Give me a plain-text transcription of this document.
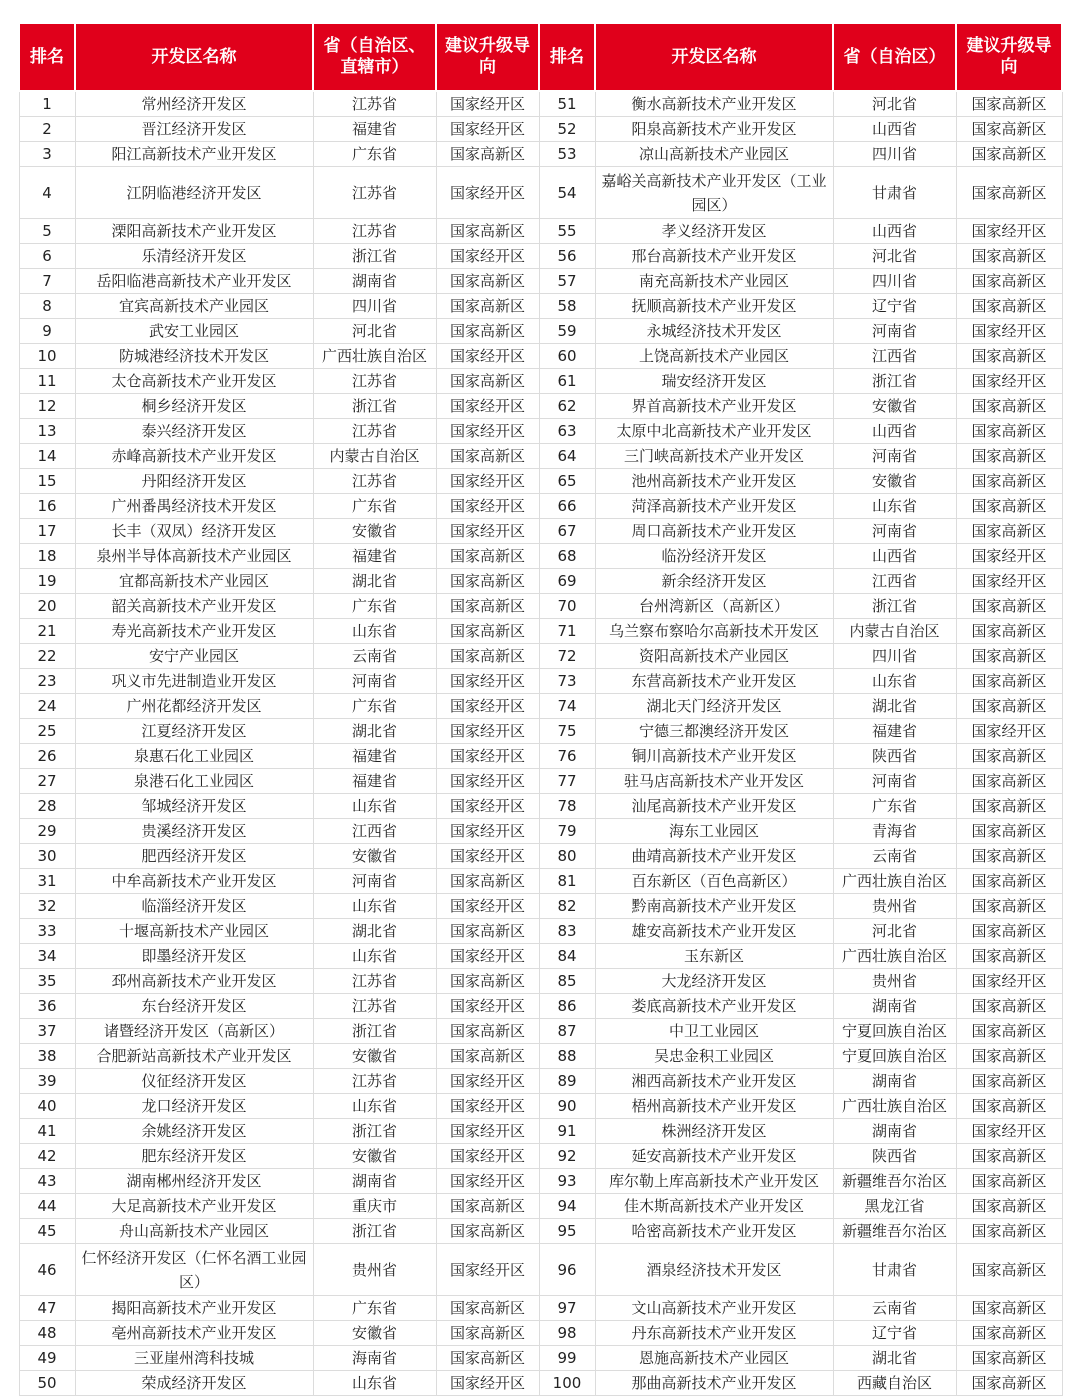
排名	开发区名称	省（自治区、直辖市）	建议升级导向	排名	开发区名称	省（自治区）	建议升级导向
1	常州经济开发区	江苏省	国家经开区	51	衡水高新技术产业开发区	河北省	国家高新区
2	晋江经济开发区	福建省	国家经开区	52	阳泉高新技术产业开发区	山西省	国家高新区
3	阳江高新技术产业开发区	广东省	国家高新区	53	凉山高新技术产业园区	四川省	国家高新区
4	江阴临港经济开发区	江苏省	国家经开区	54	嘉峪关高新技术产业开发区（工业园区）	甘肃省	国家高新区
5	溧阳高新技术产业开发区	江苏省	国家高新区	55	孝义经济开发区	山西省	国家经开区
6	乐清经济开发区	浙江省	国家经开区	56	邢台高新技术产业开发区	河北省	国家高新区
7	岳阳临港高新技术产业开发区	湖南省	国家高新区	57	南充高新技术产业园区	四川省	国家高新区
8	宜宾高新技术产业园区	四川省	国家高新区	58	抚顺高新技术产业开发区	辽宁省	国家高新区
9	武安工业园区	河北省	国家高新区	59	永城经济技术开发区	河南省	国家经开区
10	防城港经济技术开发区	广西壮族自治区	国家经开区	60	上饶高新技术产业园区	江西省	国家高新区
11	太仓高新技术产业开发区	江苏省	国家高新区	61	瑞安经济开发区	浙江省	国家经开区
12	桐乡经济开发区	浙江省	国家经开区	62	界首高新技术产业开发区	安徽省	国家高新区
13	泰兴经济开发区	江苏省	国家经开区	63	太原中北高新技术产业开发区	山西省	国家高新区
14	赤峰高新技术产业开发区	内蒙古自治区	国家高新区	64	三门峡高新技术产业开发区	河南省	国家高新区
15	丹阳经济开发区	江苏省	国家经开区	65	池州高新技术产业开发区	安徽省	国家高新区
16	广州番禺经济技术开发区	广东省	国家经开区	66	菏泽高新技术产业开发区	山东省	国家高新区
17	长丰（双凤）经济开发区	安徽省	国家经开区	67	周口高新技术产业开发区	河南省	国家高新区
18	泉州半导体高新技术产业园区	福建省	国家高新区	68	临汾经济开发区	山西省	国家经开区
19	宜都高新技术产业园区	湖北省	国家高新区	69	新余经济开发区	江西省	国家经开区
20	韶关高新技术产业开发区	广东省	国家高新区	70	台州湾新区（高新区）	浙江省	国家高新区
21	寿光高新技术产业开发区	山东省	国家高新区	71	乌兰察布察哈尔高新技术开发区	内蒙古自治区	国家高新区
22	安宁产业园区	云南省	国家高新区	72	资阳高新技术产业园区	四川省	国家高新区
23	巩义市先进制造业开发区	河南省	国家经开区	73	东营高新技术产业开发区	山东省	国家高新区
24	广州花都经济开发区	广东省	国家经开区	74	湖北天门经济开发区	湖北省	国家高新区
25	江夏经济开发区	湖北省	国家经开区	75	宁德三都澳经济开发区	福建省	国家经开区
26	泉惠石化工业园区	福建省	国家经开区	76	铜川高新技术产业开发区	陕西省	国家高新区
27	泉港石化工业园区	福建省	国家经开区	77	驻马店高新技术产业开发区	河南省	国家高新区
28	邹城经济开发区	山东省	国家经开区	78	汕尾高新技术产业开发区	广东省	国家高新区
29	贵溪经济开发区	江西省	国家经开区	79	海东工业园区	青海省	国家高新区
30	肥西经济开发区	安徽省	国家经开区	80	曲靖高新技术产业开发区	云南省	国家高新区
31	中牟高新技术产业开发区	河南省	国家高新区	81	百东新区（百色高新区）	广西壮族自治区	国家高新区
32	临淄经济开发区	山东省	国家经开区	82	黔南高新技术产业开发区	贵州省	国家高新区
33	十堰高新技术产业园区	湖北省	国家高新区	83	雄安高新技术产业开发区	河北省	国家高新区
34	即墨经济开发区	山东省	国家经开区	84	玉东新区	广西壮族自治区	国家高新区
35	邳州高新技术产业开发区	江苏省	国家高新区	85	大龙经济开发区	贵州省	国家经开区
36	东台经济开发区	江苏省	国家经开区	86	娄底高新技术产业开发区	湖南省	国家高新区
37	诸暨经济开发区（高新区）	浙江省	国家高新区	87	中卫工业园区	宁夏回族自治区	国家高新区
38	合肥新站高新技术产业开发区	安徽省	国家高新区	88	吴忠金积工业园区	宁夏回族自治区	国家高新区
39	仪征经济开发区	江苏省	国家经开区	89	湘西高新技术产业开发区	湖南省	国家高新区
40	龙口经济开发区	山东省	国家经开区	90	梧州高新技术产业开发区	广西壮族自治区	国家高新区
41	余姚经济开发区	浙江省	国家经开区	91	株洲经济开发区	湖南省	国家经开区
42	肥东经济开发区	安徽省	国家经开区	92	延安高新技术产业开发区	陕西省	国家高新区
43	湖南郴州经济开发区	湖南省	国家经开区	93	库尔勒上库高新技术产业开发区	新疆维吾尔治区	国家高新区
44	大足高新技术产业开发区	重庆市	国家高新区	94	佳木斯高新技术产业开发区	黑龙江省	国家高新区
45	舟山高新技术产业园区	浙江省	国家高新区	95	哈密高新技术产业开发区	新疆维吾尔治区	国家高新区
46	仁怀经济开发区（仁怀名酒工业园区）	贵州省	国家经开区	96	酒泉经济技术开发区	甘肃省	国家高新区
47	揭阳高新技术产业开发区	广东省	国家高新区	97	文山高新技术产业开发区	云南省	国家高新区
48	亳州高新技术产业开发区	安徽省	国家高新区	98	丹东高新技术产业开发区	辽宁省	国家高新区
49	三亚崖州湾科技城	海南省	国家高新区	99	恩施高新技术产业园区	湖北省	国家高新区
50	荣成经济开发区	山东省	国家经开区	100	那曲高新技术产业开发区	西藏自治区	国家高新区
